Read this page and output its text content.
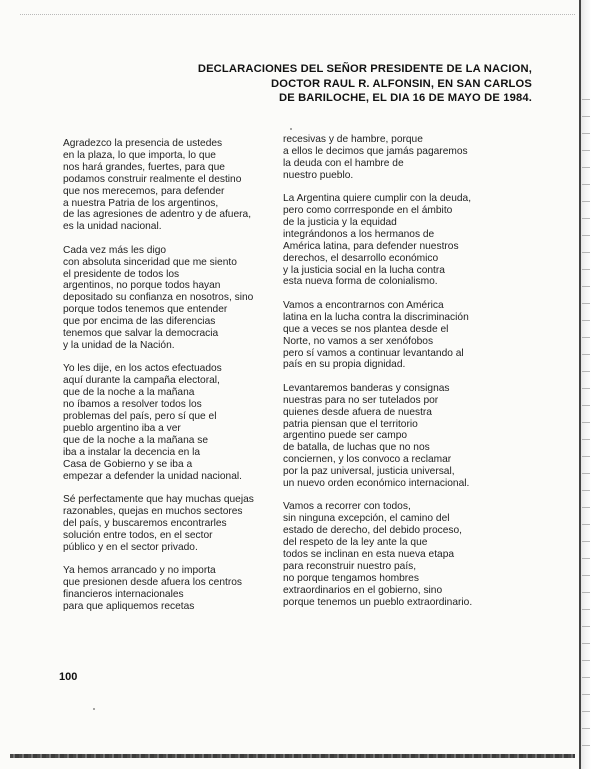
DECLARACIONES DEL SEÑOR PRESIDENTE DE LA NACION,
DOCTOR RAUL R. ALFONSIN, EN SAN CARLOS
DE BARILOCHE, EL DIA 16 DE MAYO DE 1984.
Agradezco la presencia de ustedes
en la plaza, lo que importa, lo que
nos hará grandes, fuertes, para que
podamos construir realmente el destino
que nos merecemos, para defender
a nuestra Patria de los argentinos,
de las agresiones de adentro y de afuera,
es la unidad nacional.
Cada vez más les digo
con absoluta sinceridad que me siento
el presidente de todos los
argentinos, no porque todos hayan
depositado su confianza en nosotros, sino
porque todos tenemos que entender
que por encima de las diferencias
tenemos que salvar la democracia
y la unidad de la Nación.
Yo les dije, en los actos efectuados
aquí durante la campaña electoral,
que de la noche a la mañana
no íbamos a resolver todos los
problemas del país, pero sí que el
pueblo argentino iba a ver
que de la noche a la mañana se
iba a instalar la decencia en la
Casa de Gobierno y se iba a
empezar a defender la unidad nacional.
Sé perfectamente que hay muchas quejas
razonables, quejas en muchos sectores
del país, y buscaremos encontrarles
solución entre todos, en el sector
público y en el sector privado.
Ya hemos arrancado y no importa
que presionen desde afuera los centros
financieros internacionales
para que apliquemos recetas
recesivas y de hambre, porque
a ellos le decimos que jamás pagaremos
la deuda con el hambre de
nuestro pueblo.
La Argentina quiere cumplir con la deuda,
pero como corrresponde en el ámbito
de la justicia y la equidad
integrándonos a los hermanos de
América latina, para defender nuestros
derechos, el desarrollo económico
y la justicia social en la lucha contra
esta nueva forma de colonialismo.
Vamos a encontrarnos con América
latina en la lucha contra la discriminación
que a veces se nos plantea desde el
Norte, no vamos a ser xenófobos
pero sí vamos a continuar levantando al
país en su propia dignidad.
Levantaremos banderas y consignas
nuestras para no ser tutelados por
quienes desde afuera de nuestra
patria piensan que el territorio
argentino puede ser campo
de batalla, de luchas que no nos
conciernen, y los convoco a reclamar
por la paz universal, justicia universal,
un nuevo orden económico internacional.
Vamos a recorrer con todos,
sin ninguna excepción, el camino del
estado de derecho, del debido proceso,
del respeto de la ley ante la que
todos se inclinan en esta nueva etapa
para reconstruir nuestro país,
no porque tengamos hombres
extraordinarios en el gobierno, sino
porque tenemos un pueblo extraordinario.
100
